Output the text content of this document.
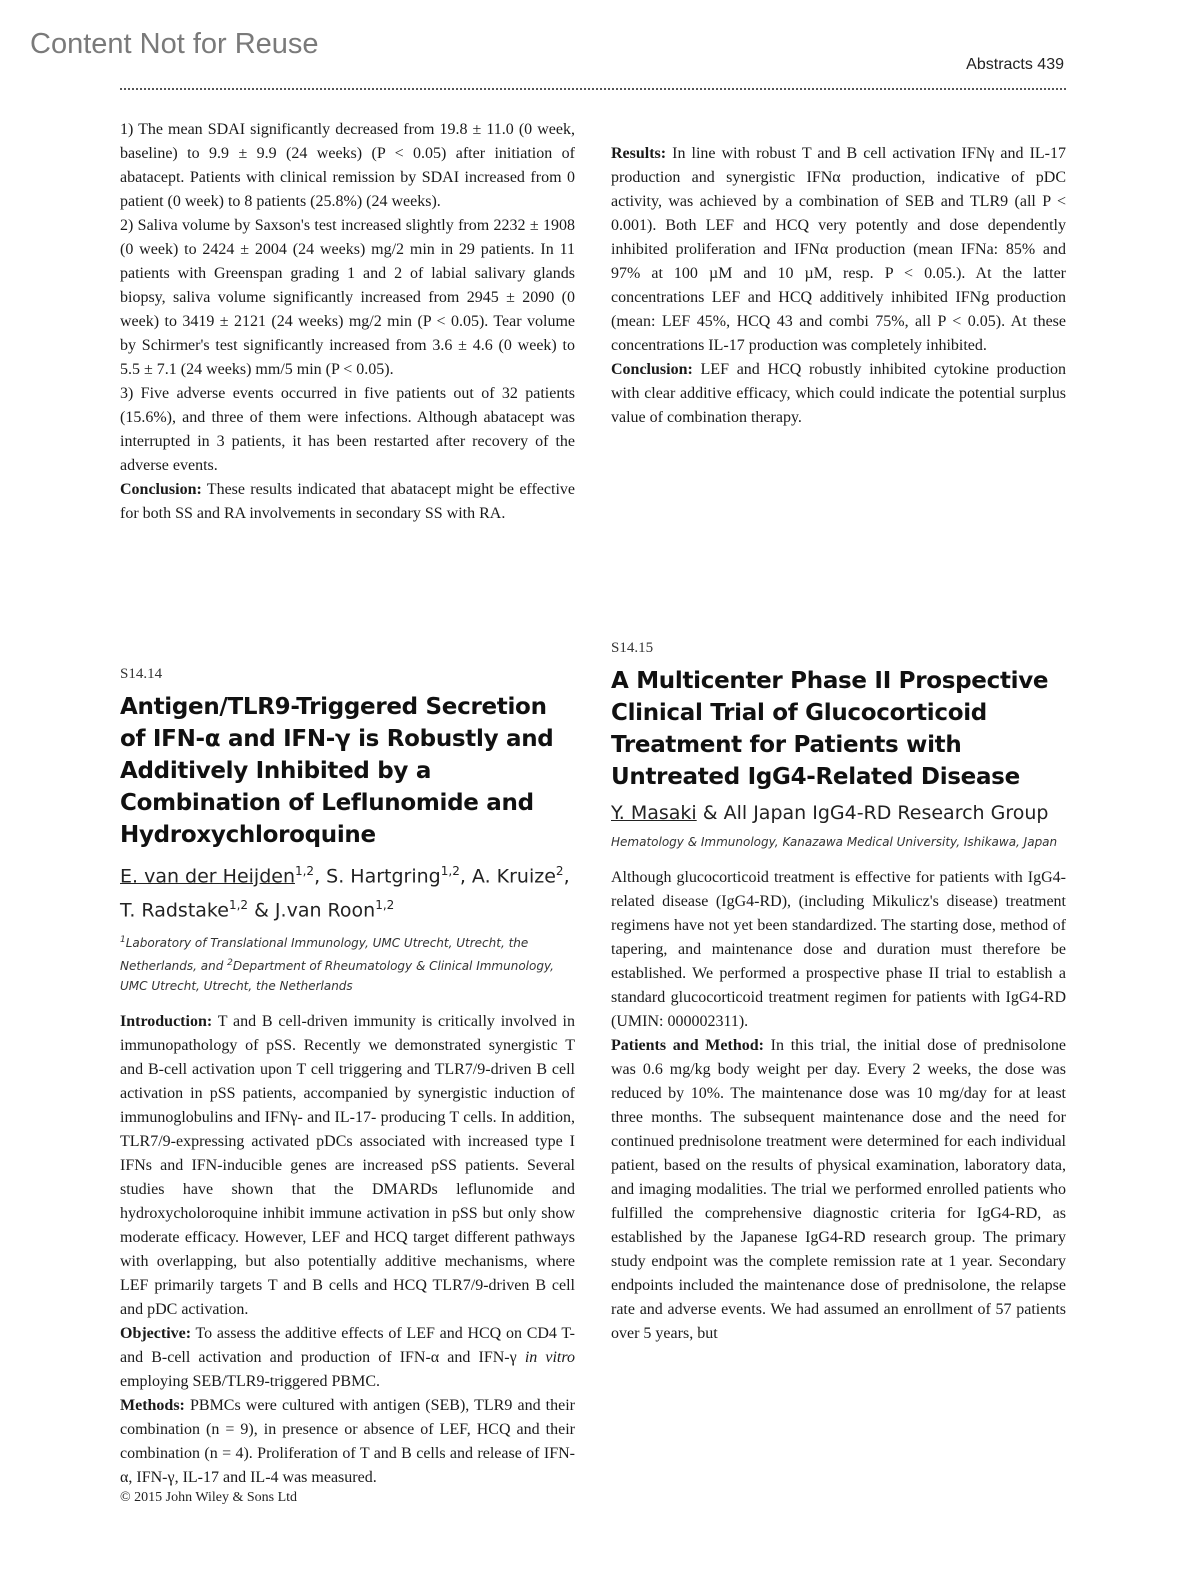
Content Not for Reuse
Abstracts 439

1) The mean SDAI significantly decreased from 19.8 ± 11.0 (0 week, baseline) to 9.9 ± 9.9 (24 weeks) (P < 0.05) after initiation of abatacept. Patients with clinical remission by SDAI increased from 0 patient (0 week) to 8 patients (25.8%) (24 weeks).

2) Saliva volume by Saxson's test increased slightly from 2232 ± 1908 (0 week) to 2424 ± 2004 (24 weeks) mg/2 min in 29 patients. In 11 patients with Greenspan grading 1 and 2 of labial salivary glands biopsy, saliva volume significantly increased from 2945 ± 2090 (0 week) to 3419 ± 2121 (24 weeks) mg/2 min (P < 0.05). Tear volume by Schirmer's test significantly increased from 3.6 ± 4.6 (0 week) to 5.5 ± 7.1 (24 weeks) mm/5 min (P < 0.05).

3) Five adverse events occurred in five patients out of 32 patients (15.6%), and three of them were infections. Although abatacept was interrupted in 3 patients, it has been restarted after recovery of the adverse events.

Conclusion: These results indicated that abatacept might be effective for both SS and RA involvements in secondary SS with RA.

S14.14

Antigen/TLR9-Triggered Secretion of IFN-α and IFN-γ is Robustly and Additively Inhibited by a Combination of Leflunomide and Hydroxychloroquine
E. van der Heijden$^{1,2}$, S. Hartgring$^{1,2}$, A. Kruize$^2$, T. Radstake$^{1,2}$ & J.van Roon$^{1,2}$
$^1$Laboratory of Translational Immunology, UMC Utrecht, Utrecht, the Netherlands, and $^2$Department of Rheumatology & Clinical Immunology, UMC Utrecht, Utrecht, the Netherlands

Introduction: T and B cell-driven immunity is critically involved in immunopathology of pSS. Recently we demonstrated synergistic T and B-cell activation upon T cell triggering and TLR7/9-driven B cell activation in pSS patients, accompanied by synergistic induction of immunoglobulins and IFNγ- and IL-17- producing T cells. In addition, TLR7/9-expressing activated pDCs associated with increased type I IFNs and IFN-inducible genes are increased pSS patients. Several studies have shown that the DMARDs leflunomide and hydroxycholoroquine inhibit immune activation in pSS but only show moderate efficacy. However, LEF and HCQ target different pathways with overlapping, but also potentially additive mechanisms, where LEF primarily targets T and B cells and HCQ TLR7/9-driven B cell and pDC activation.

Objective: To assess the additive effects of LEF and HCQ on CD4 T- and B-cell activation and production of IFN-α and IFN-γ in vitro employing SEB/TLR9-triggered PBMC.

Methods: PBMCs were cultured with antigen (SEB), TLR9 and their combination (n = 9), in presence or absence of LEF, HCQ and their combination (n = 4). Proliferation of T and B cells and release of IFN-α, IFN-γ, IL-17 and IL-4 was measured.

Results: In line with robust T and B cell activation IFNγ and IL-17 production and synergistic IFNα production, indicative of pDC activity, was achieved by a combination of SEB and TLR9 (all P < 0.001). Both LEF and HCQ very potently and dose dependently inhibited proliferation and IFNα production (mean IFNa: 85% and 97% at 100 µM and 10 µM, resp. P < 0.05.). At the latter concentrations LEF and HCQ additively inhibited IFNg production (mean: LEF 45%, HCQ 43 and combi 75%, all P < 0.05). At these concentrations IL-17 production was completely inhibited.

Conclusion: LEF and HCQ robustly inhibited cytokine production with clear additive efficacy, which could indicate the potential surplus value of combination therapy.

S14.15

A Multicenter Phase II Prospective Clinical Trial of Glucocorticoid Treatment for Patients with Untreated IgG4-Related Disease
Y. Masaki & All Japan IgG4-RD Research Group
Hematology & Immunology, Kanazawa Medical University, Ishikawa, Japan

Although glucocorticoid treatment is effective for patients with IgG4-related disease (IgG4-RD), (including Mikulicz's disease) treatment regimens have not yet been standardized. The starting dose, method of tapering, and maintenance dose and duration must therefore be established. We performed a prospective phase II trial to establish a standard glucocorticoid treatment regimen for patients with IgG4-RD (UMIN: 000002311).

Patients and Method: In this trial, the initial dose of prednisolone was 0.6 mg/kg body weight per day. Every 2 weeks, the dose was reduced by 10%. The maintenance dose was 10 mg/day for at least three months. The subsequent maintenance dose and the need for continued prednisolone treatment were determined for each individual patient, based on the results of physical examination, laboratory data, and imaging modalities. The trial we performed enrolled patients who fulfilled the comprehensive diagnostic criteria for IgG4-RD, as established by the Japanese IgG4-RD research group. The primary study endpoint was the complete remission rate at 1 year. Secondary endpoints included the maintenance dose of prednisolone, the relapse rate and adverse events. We had assumed an enrollment of 57 patients over 5 years, but

© 2015 John Wiley & Sons Ltd
